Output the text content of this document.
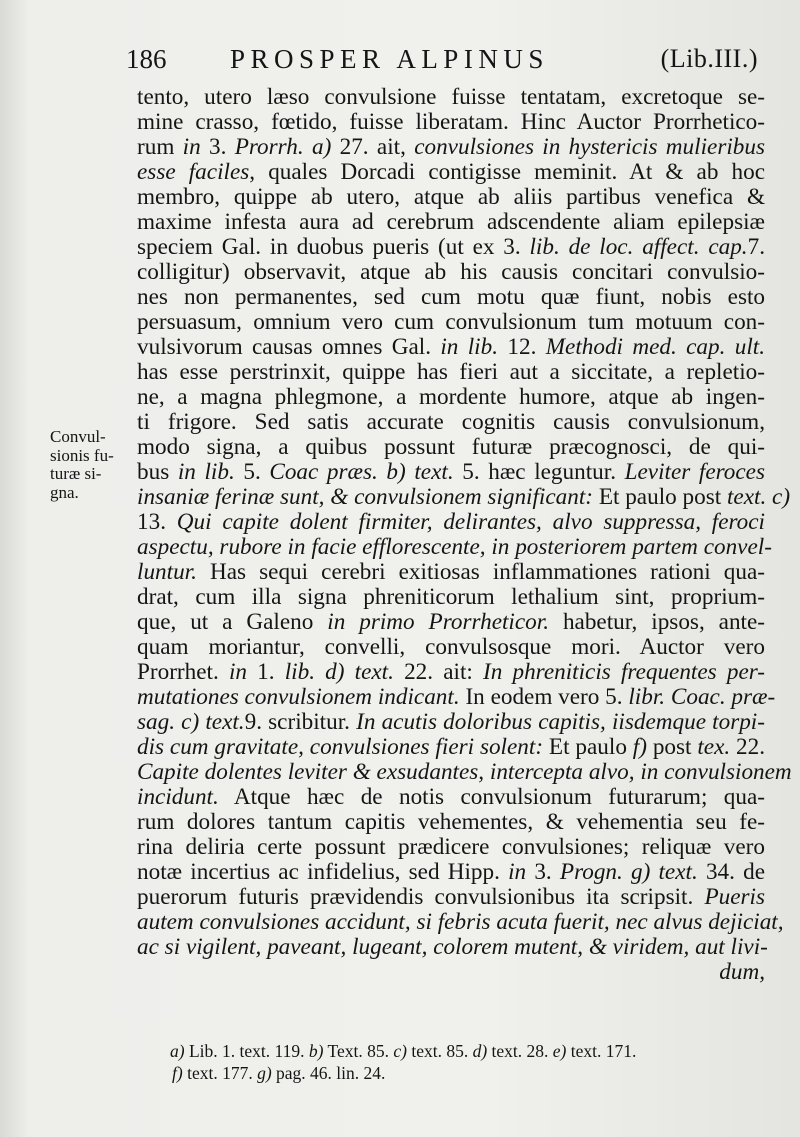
186 PROSPER ALPINUS	(Lib.III.)
Convul-
sionis fu-
turæ si-
gna.
tento, utero læso convulsione fuisse tentatam, excretoque se-
mine crasso, fœtido, fuisse liberatam. Hinc Auctor Prorrhetico-
rum in 3. Prorrh. a) 27. ait, convulsiones in hystericis mulieribus
esse faciles, quales Dorcadi contigisse meminit. At & ab hoc
membro, quippe ab utero, atque ab aliis partibus venefica &
maxime infesta aura ad cerebrum adscendente aliam epilepsiæ
speciem Gal. in duobus pueris (ut ex 3. lib. de loc. affect. cap.7.
colligitur) observavit, atque ab his causis concitari convulsio-
nes non permanentes, sed cum motu quæ fiunt, nobis esto
persuasum, omnium vero cum convulsionum tum motuum con-
vulsivorum causas omnes Gal. in lib. 12. Methodi med. cap. ult.
has esse perstrinxit, quippe has fieri aut a siccitate, a repletio-
ne, a magna phlegmone, a mordente humore, atque ab ingen-
ti frigore. Sed satis accurate cognitis causis convulsionum,
modo signa, a quibus possunt futuræ præcognosci, de qui-
bus in lib. 5. Coac præs. b) text. 5. hæc leguntur. Leviter feroces
insaniæ ferinæ sunt, & convulsionem significant: Et paulo post text. c)
13. Qui capite dolent firmiter, delirantes, alvo suppressa, feroci
aspectu, rubore in facie efflorescente, in posteriorem partem convel-
luntur. Has sequi cerebri exitiosas inflammationes rationi qua-
drat, cum illa signa phreniticorum lethalium sint, proprium-
que, ut a Galeno in primo Prorrheticor. habetur, ipsos, ante-
quam moriantur, convelli, convulsosque mori. Auctor vero
Prorrhet. in 1. lib. d) text. 22. ait: In phreniticis frequentes per-
mutationes convulsionem indicant. In eodem vero 5. libr. Coac. præ-
sag. c) text.9. scribitur. In acutis doloribus capitis, iisdemque torpi-
dis cum gravitate, convulsiones fieri solent: Et paulo f) post tex. 22.
Capite dolentes leviter & exsudantes, intercepta alvo, in convulsionem
incidunt. Atque hæc de notis convulsionum futurarum; qua-
rum dolores tantum capitis vehementes, & vehementia seu fe-
rina deliria certe possunt prædicere convulsiones; reliquæ vero
notæ incertius ac infidelius, sed Hipp. in 3. Progn. g) text. 34. de
puerorum futuris prævidendis convulsionibus ita scripsit. Pueris
autem convulsiones accidunt, si febris acuta fuerit, nec alvus dejiciat,
ac si vigilent, paveant, lugeant, colorem mutent, & viridem, aut livi-
dum,
a) Lib. 1. text. 119. b) Text. 85. c) text. 85. d) text. 28. e) text. 171.
f) text. 177. g) pag. 46. lin. 24.
